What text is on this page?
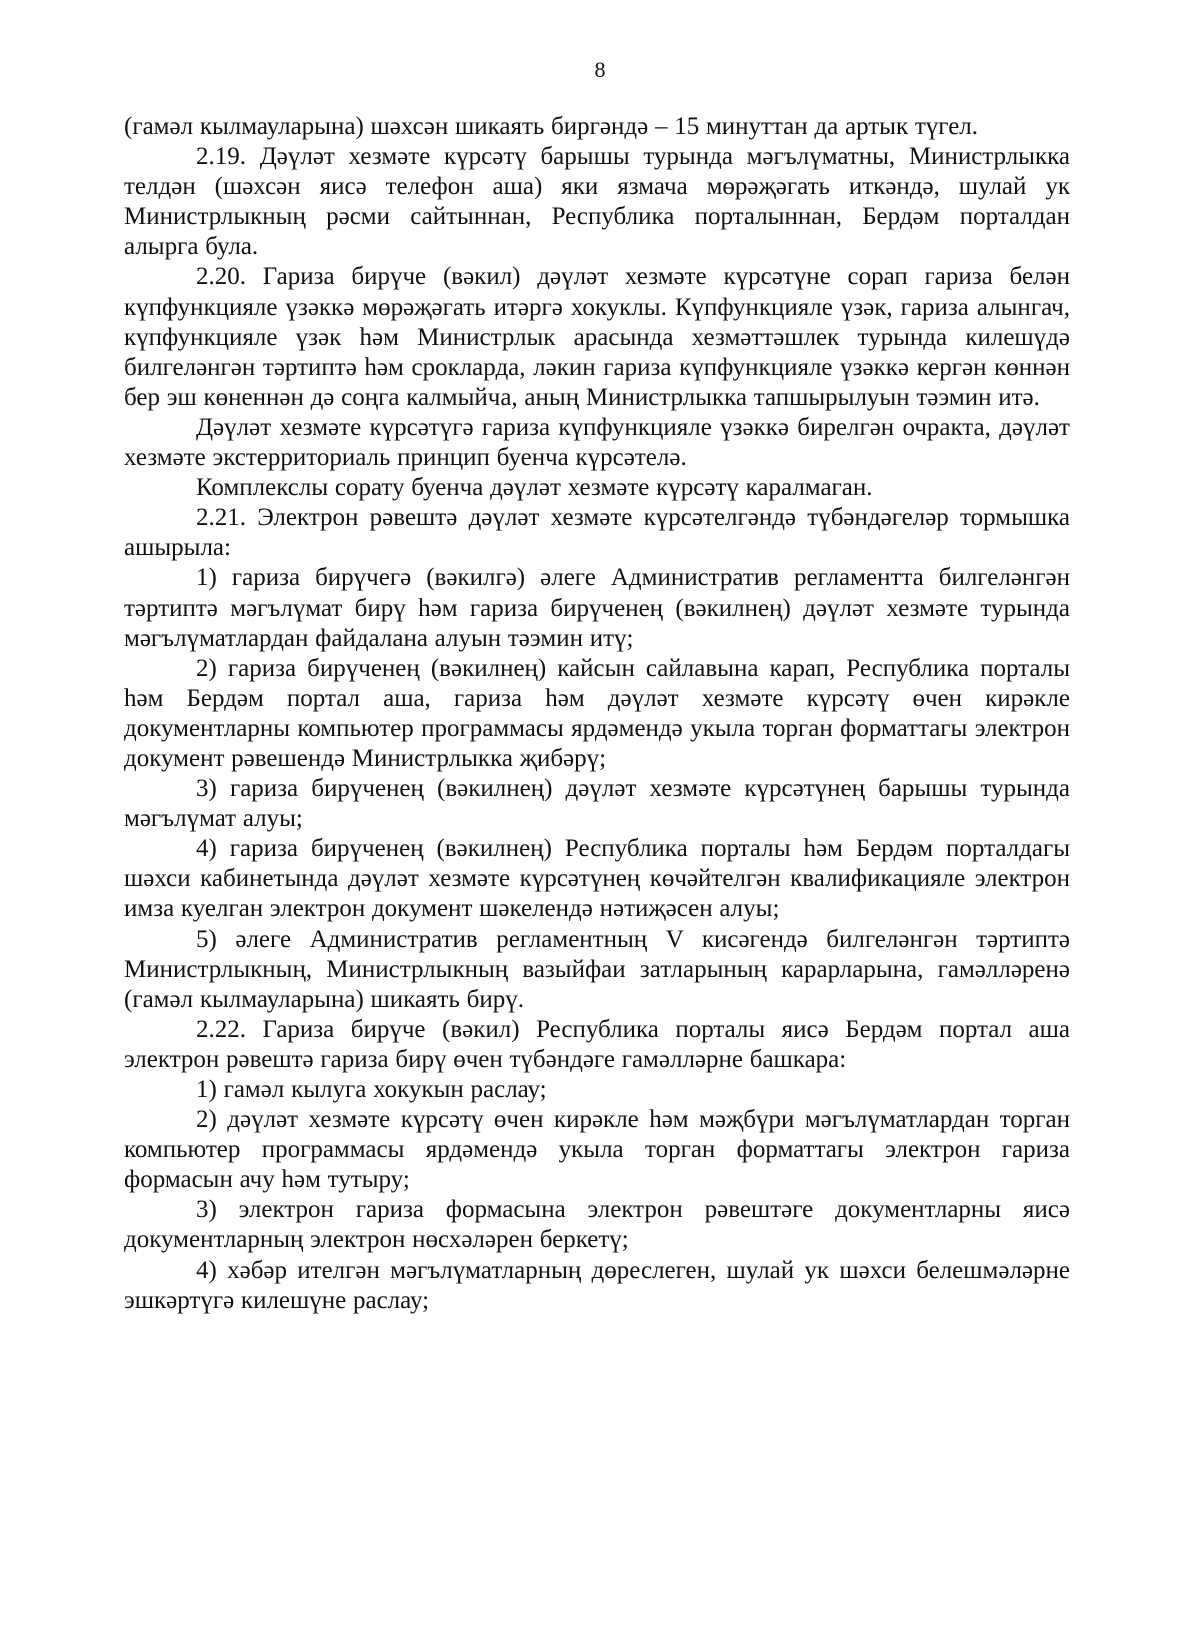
8

(гамәл кылмауларына) шәхсән шикаять биргәндә – 15 минуттан да артык түгел.

2.19. Дәүләт хезмәте күрсәтү барышы турында мәгълүматны, Министрлыкка телдән (шәхсән яисә телефон аша) яки язмача мөрәҗәгать иткәндә, шулай ук Министрлыкның рәсми сайтыннан, Республика порталыннан, Бердәм порталдан алырга була.

2.20. Гариза бирүче (вәкил) дәүләт хезмәте күрсәтүне сорап гариза белән күпфункцияле үзәккә мөрәҗәгать итәргә хокуклы. Күпфункцияле үзәк, гариза алынгач, күпфункцияле үзәк һәм Министрлык арасында хезмәттәшлек турында килешүдә билгеләнгән тәртиптә һәм срокларда, ләкин гариза күпфункцияле үзәккә кергән көннән бер эш көненнән дә соңга калмыйча, аның Министрлыкка тапшырылуын тәэмин итә.

Дәүләт хезмәте күрсәтүгә гариза күпфункцияле үзәккә бирелгән очракта, дәүләт хезмәте экстерриториаль принцип буенча күрсәтелә.

Комплекслы сорату буенча дәүләт хезмәте күрсәтү каралмаган.

2.21. Электрон рәвештә дәүләт хезмәте күрсәтелгәндә түбәндәгеләр тормышка ашырыла:

1) гариза бирүчегә (вәкилгә) әлеге Административ регламентта билгеләнгән тәртиптә мәгълүмат бирү һәм гариза бирүченең (вәкилнең) дәүләт хезмәте турында мәгълүматлардан файдалана алуын тәэмин итү;

2) гариза бирүченең (вәкилнең) кайсын сайлавына карап, Республика порталы һәм Бердәм портал аша, гариза һәм дәүләт хезмәте күрсәтү өчен кирәкле документларны компьютер программасы ярдәмендә укыла торган форматтагы электрон документ рәвешендә Министрлыкка җибәрү;

3) гариза бирүченең (вәкилнең) дәүләт хезмәте күрсәтүнең барышы турында мәгълүмат алуы;

4) гариза бирүченең (вәкилнең) Республика порталы һәм Бердәм порталдагы шәхси кабинетында дәүләт хезмәте күрсәтүнең көчәйтелгән квалификацияле электрон имза куелган электрон документ шәкелендә нәтиҗәсен алуы;

5) әлеге Административ регламентның V кисәгендә билгеләнгән тәртиптә Министрлыкның, Министрлыкның вазыйфаи затларының карарларына, гамәлләренә (гамәл кылмауларына) шикаять бирү.

2.22. Гариза бирүче (вәкил) Республика порталы яисә Бердәм портал аша электрон рәвештә гариза бирү өчен түбәндәге гамәлләрне башкара:

1) гамәл кылуга хокукын раслау;

2) дәүләт хезмәте күрсәтү өчен кирәкле һәм мәҗбүри мәгълүматлардан торган компьютер программасы ярдәмендә укыла торган форматтагы электрон гариза формасын ачу һәм тутыру;

3) электрон гариза формасына электрон рәвештәге документларны яисә документларның электрон нөсхәләрен беркетү;

4) хәбәр ителгән мәгълүматларның дөреслеген, шулай ук шәхси белешмәләрне эшкәртүгә килешүне раслау;
